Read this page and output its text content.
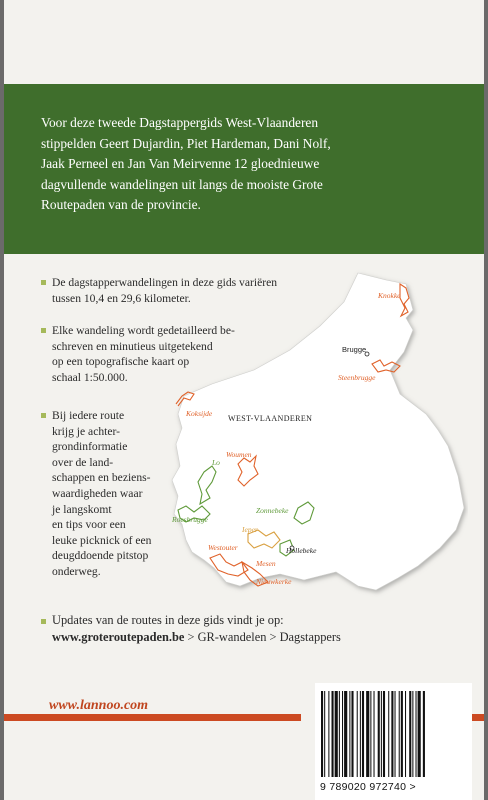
Voor deze tweede Dagstappergids West-Vlaanderen
stippelden Geert Dujardin, Piet Hardeman, Dani Nolf,
Jaak Perneel en Jan Van Meirvenne 12 gloednieuwe
dagvullende wandelingen uit langs de mooiste Grote
Routepaden van de provincie.

Knokke
Brugge
Steenbrugge
Koksijde
WEST-VLAANDEREN
Woumen
Lo
Roesbrugge
Zonnebeke
Ieper
Westouter	Hollebeke
Mesen
Nieuwkerke

De dagstapperwandelingen in deze gids variëren
tussen 10,4 en 29,6 kilometer.

Elke wandeling wordt gedetailleerd be-
schreven en minutieus uitgetekend
op een topografische kaart op
schaal 1:50.000.

Bij iedere route
krijg je achter-
grondinformatie
over de land-
schappen en beziens-
waardigheden waar
je langskomt
en tips voor een
leuke picknick of een
deugddoende pitstop
onderweg.

Updates van de routes in deze gids vindt je op:

www.groteroutepaden.be > GR-wandelen > Dagstappers

www.lannoo.com

9 789020 972740 >
